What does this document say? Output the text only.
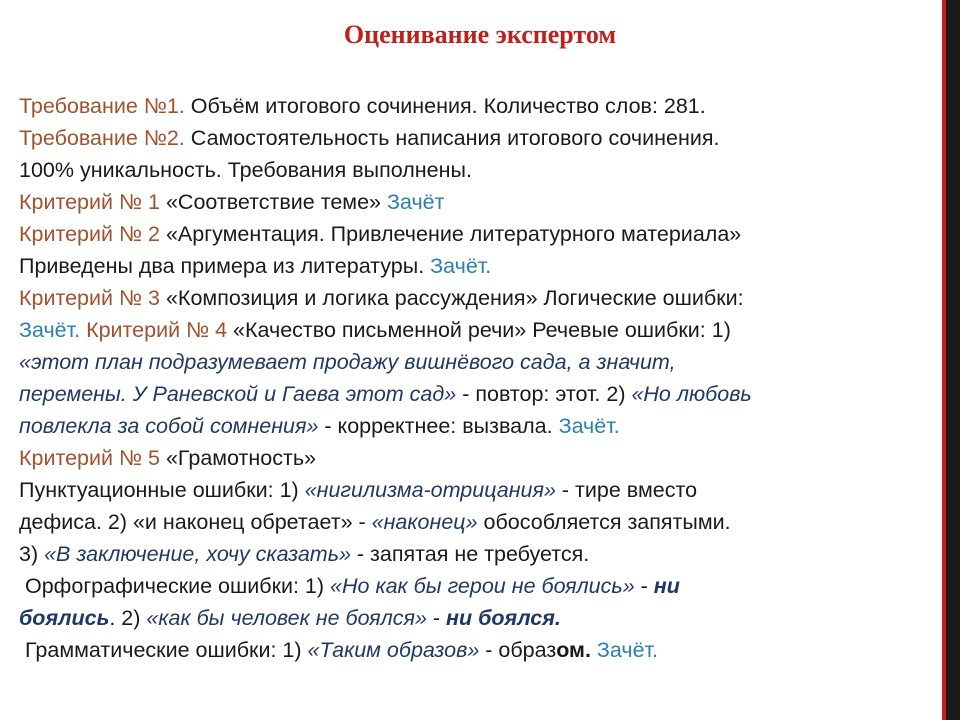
Оценивание экспертом
Требование №1. Объём итогового сочинения. Количество слов: 281.
Требование №2. Самостоятельность написания итогового сочинения.
100% уникальность. Требования выполнены.
Критерий № 1 «Соответствие теме» Зачёт
Критерий № 2 «Аргументация. Привлечение литературного материала»
Приведены два примера из литературы. Зачёт.
Критерий № 3 «Композиция и логика рассуждения» Логические ошибки:
Зачёт. Критерий № 4 «Качество письменной речи» Речевые ошибки: 1)
«этот план подразумевает продажу вишнёвого сада, а значит,
перемены. У Раневской и Гаева этот сад» - повтор: этот. 2) «Но любовь
повлекла за собой сомнения» - корректнее: вызвала. Зачёт.
Критерий № 5 «Грамотность»
Пунктуационные ошибки: 1) «нигилизма-отрицания» - тире вместо
дефиса. 2) «и наконец обретает» - «наконец» обособляется запятыми.
3) «В заключение, хочу сказать» - запятая не требуется.
Орфографические ошибки: 1) «Но как бы герои не боялись» - ни
боялись. 2) «как бы человек не боялся» - ни боялся.
Грамматические ошибки: 1) «Таким образов» - образом. Зачёт.
